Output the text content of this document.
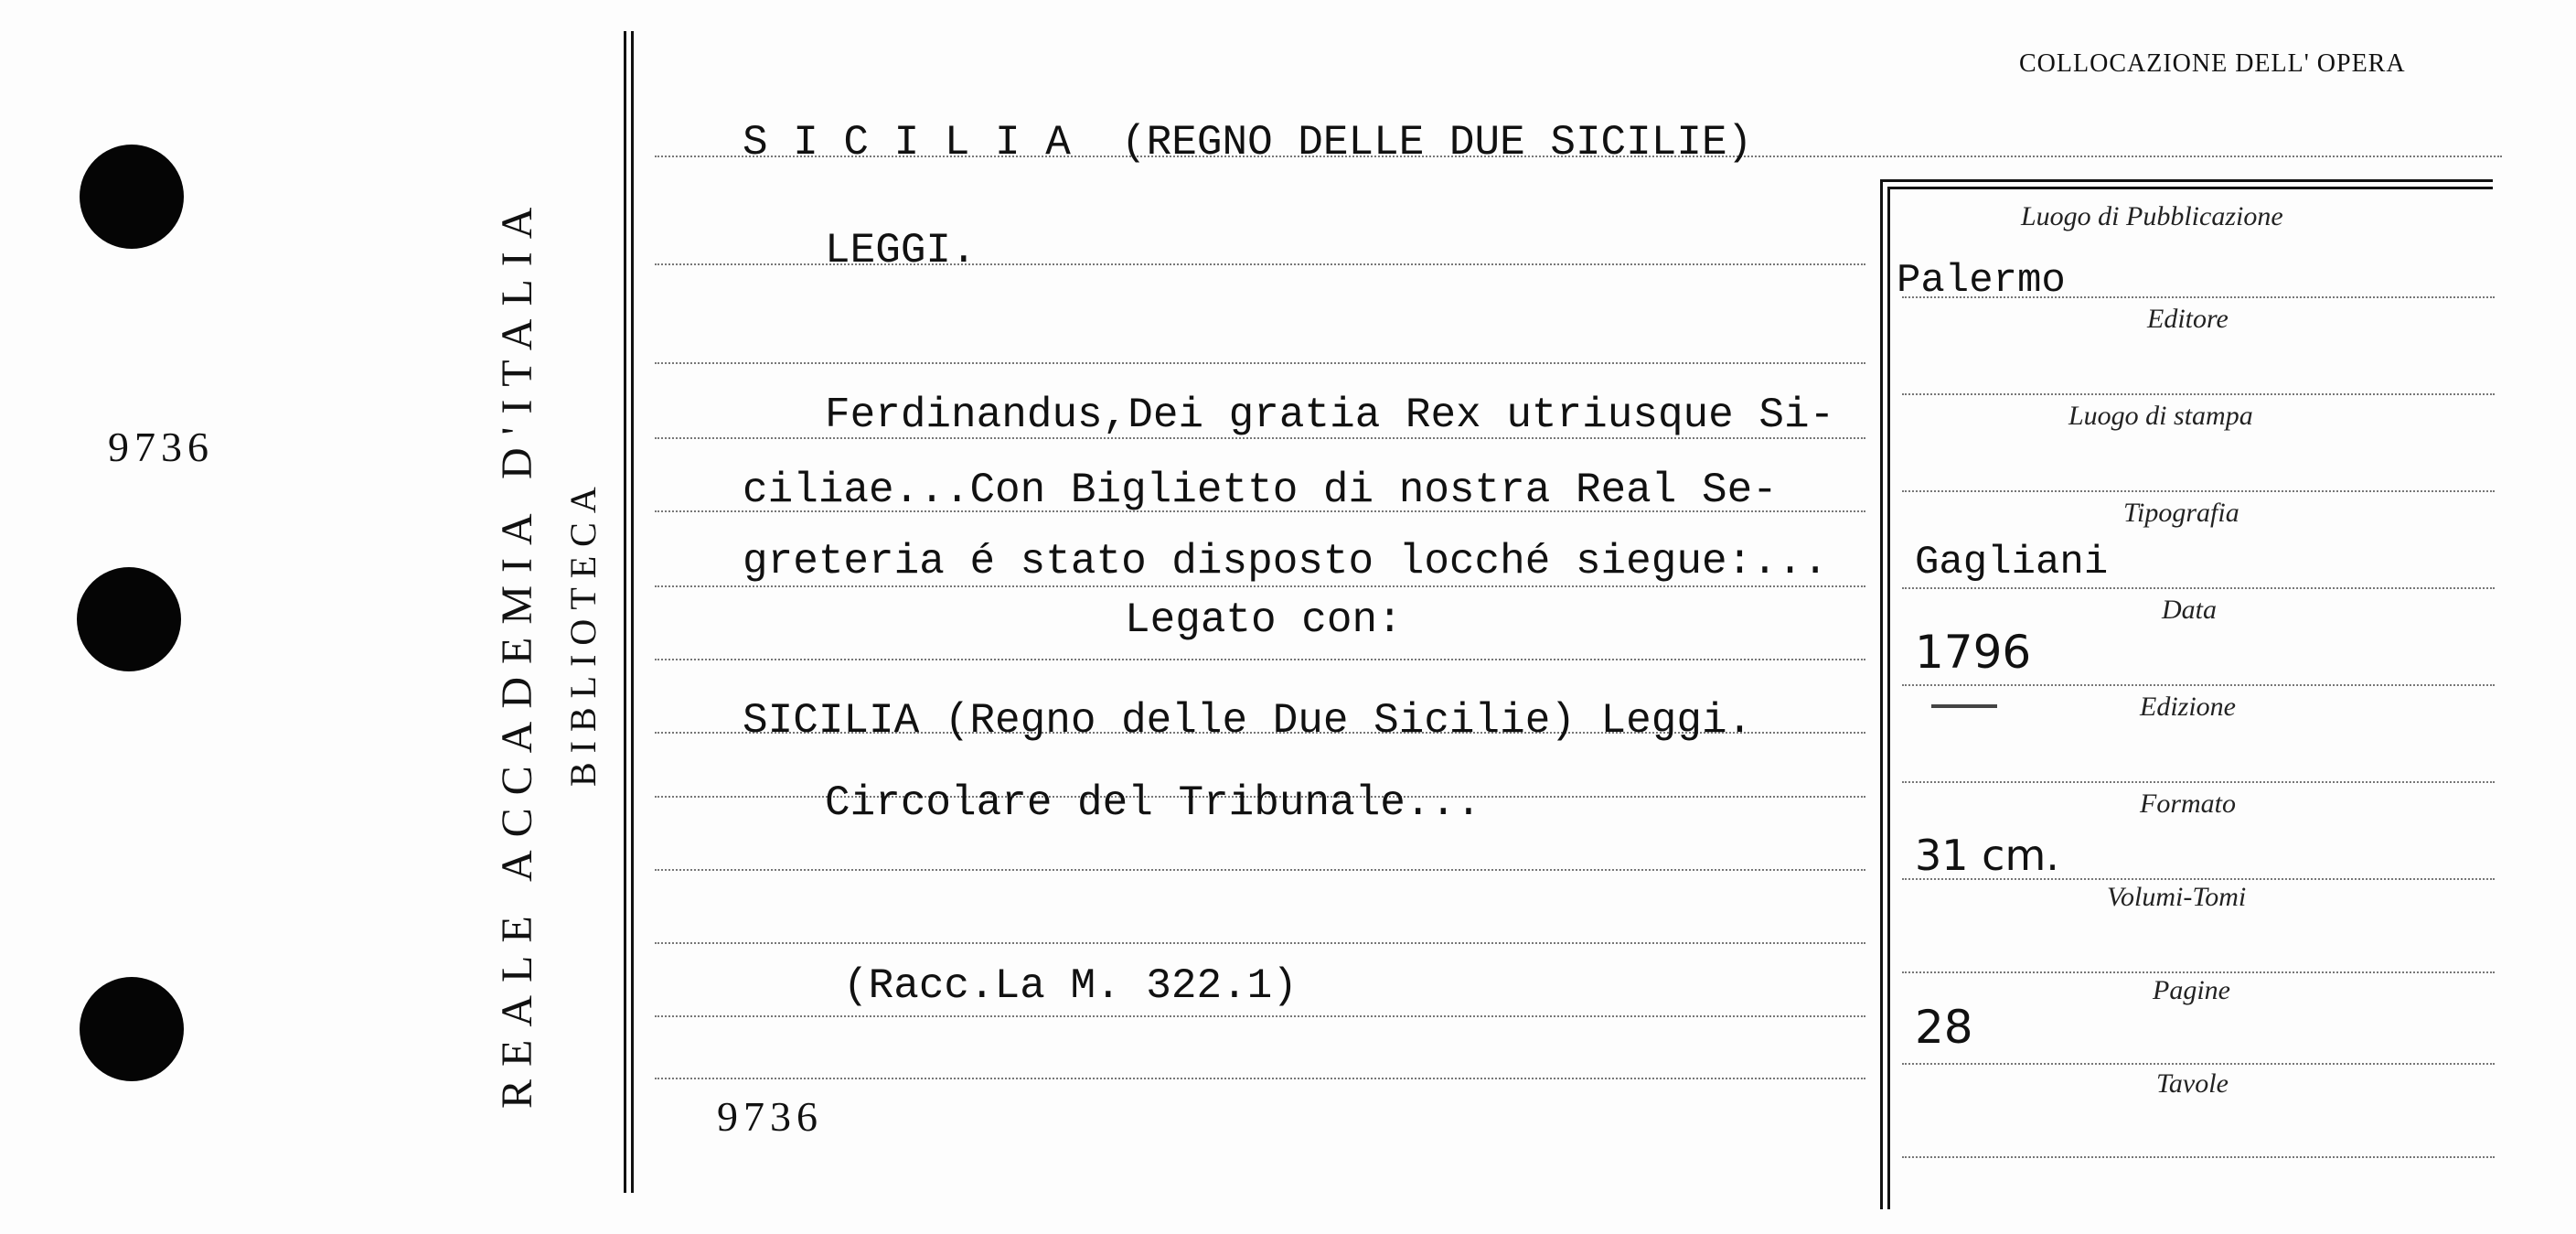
9736	REALE ACCADEMIA D'ITALIA BIBLIOTECA
COLLOCAZIONE DELL' OPERA
S I C I L I A  (REGNO DELLE DUE SICILIE)
LEGGI.
Ferdinandus,Dei gratia Rex utriusque Si-
ciliae...Con Biglietto di nostra Real Se-
greteria é stato disposto locché siegue:...
Legato con:
SICILIA (Regno delle Due Sicilie) Leggi.
Circolare del Tribunale...
(Racc.La M. 322.1)
9736
Luogo di Pubblicazione
Editore
Luogo di stampa
Tipografia
Data
Edizione
Formato
Volumi-Tomi
Pagine
Tavole
Palermo
Gagliani
1796
31 cm.
28
